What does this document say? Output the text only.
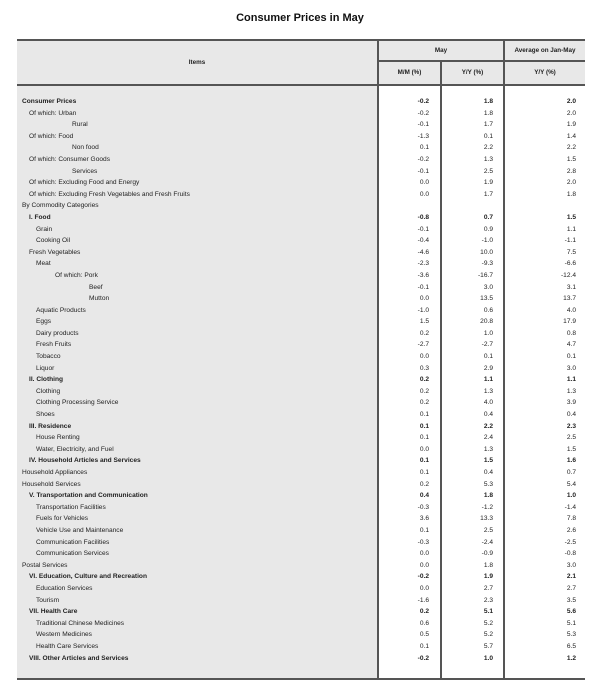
Consumer Prices in May
Items	May		Average on Jan-May
	M/M (%)	Y/Y (%)	Y/Y (%)

Consumer Prices	-0.2	1.8	2.0
Of which: Urban	-0.2	1.8	2.0
Rural	-0.1	1.7	1.9
Of which: Food	-1.3	0.1	1.4
Non food	0.1	2.2	2.2
Of which: Consumer Goods	-0.2	1.3	1.5
Services	-0.1	2.5	2.8
Of which: Excluding Food and Energy	0.0	1.9	2.0
Of which: Excluding Fresh Vegetables and Fresh Fruits	0.0	1.7	1.8
By Commodity Categories			
I. Food	-0.8	0.7	1.5
Grain	-0.1	0.9	1.1
Cooking Oil	-0.4	-1.0	-1.1
Fresh Vegetables	-4.6	10.0	7.5
Meat	-2.3	-9.3	-6.6
Of which: Pork	-3.6	-16.7	-12.4
Beef	-0.1	3.0	3.1
Mutton	0.0	13.5	13.7
Aquatic Products	-1.0	0.6	4.0
Eggs	1.5	20.8	17.9
Dairy products	0.2	1.0	0.8
Fresh Fruits	-2.7	-2.7	4.7
Tobacco	0.0	0.1	0.1
Liquor	0.3	2.9	3.0
II. Clothing	0.2	1.1	1.1
Clothing	0.2	1.3	1.3
Clothing Processing Service	0.2	4.0	3.9
Shoes	0.1	0.4	0.4
III. Residence	0.1	2.2	2.3
House Renting	0.1	2.4	2.5
Water, Electricity, and Fuel	0.0	1.3	1.5
IV. Household Articles and Services	0.1	1.5	1.6
Household Appliances	0.1	0.4	0.7
Household Services	0.2	5.3	5.4
V. Transportation and Communication	0.4	1.8	1.0
Transportation Facilities	-0.3	-1.2	-1.4
Fuels for Vehicles	3.6	13.3	7.8
Vehicle Use and Maintenance	0.1	2.5	2.6
Communication Facilities	-0.3	-2.4	-2.5
Communication Services	0.0	-0.9	-0.8
Postal Services	0.0	1.8	3.0
VI. Education, Culture and Recreation	-0.2	1.9	2.1
Education Services	0.0	2.7	2.7
Tourism	-1.6	2.3	3.5
VII. Health Care	0.2	5.1	5.6
Traditional Chinese Medicines	0.6	5.2	5.1
Western Medicines	0.5	5.2	5.3
Health Care Services	0.1	5.7	6.5
VIII. Other Articles and Services	-0.2	1.0	1.2
